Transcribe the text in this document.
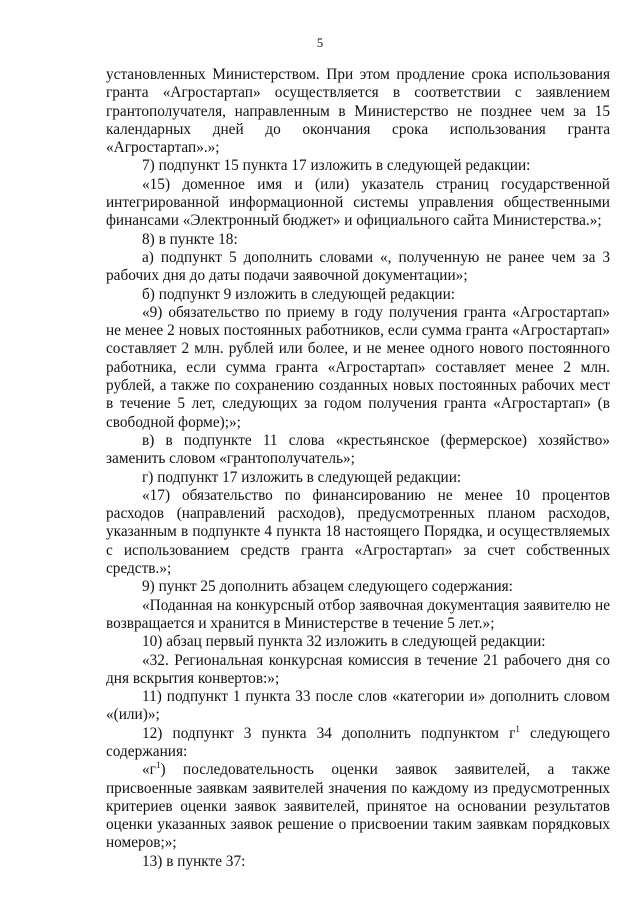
5

установленных Министерством. При этом продление срока использования гранта «Агростартап» осуществляется в соответствии с заявлением грантополучателя, направленным в Министерство не позднее чем за 15 календарных дней до окончания срока использования гранта «Агростартап».»;

7) подпункт 15 пункта 17 изложить в следующей редакции:

«15) доменное имя и (или) указатель страниц государственной интегрированной информационной системы управления общественными финансами «Электронный бюджет» и официального сайта Министерства.»;

8) в пункте 18:

а) подпункт 5 дополнить словами «, полученную не ранее чем за 3 рабочих дня до даты подачи заявочной документации»;

б) подпункт 9 изложить в следующей редакции:

«9) обязательство по приему в году получения гранта «Агростартап» не менее 2 новых постоянных работников, если сумма гранта «Агростартап» составляет 2 млн. рублей или более, и не менее одного нового постоянного работника, если сумма гранта «Агростартап» составляет менее 2 млн. рублей, а также по сохранению созданных новых постоянных рабочих мест в течение 5 лет, следующих за годом получения гранта «Агростартап» (в свободной форме);»;

в) в подпункте 11 слова «крестьянское (фермерское) хозяйство» заменить словом «грантополучатель»;

г) подпункт 17 изложить в следующей редакции:

«17) обязательство по финансированию не менее 10 процентов расходов (направлений расходов), предусмотренных планом расходов, указанным в подпункте 4 пункта 18 настоящего Порядка, и осуществляемых с использованием средств гранта «Агростартап» за счет собственных средств.»;

9) пункт 25 дополнить абзацем следующего содержания:

«Поданная на конкурсный отбор заявочная документация заявителю не возвращается и хранится в Министерстве в течение 5 лет.»;

10) абзац первый пункта 32 изложить в следующей редакции:

«32. Региональная конкурсная комиссия в течение 21 рабочего дня со дня вскрытия конвертов:»;

11) подпункт 1 пункта 33 после слов «категории и» дополнить словом «(или)»;

12) подпункт 3 пункта 34 дополнить подпунктом $г^1$ следующего содержания:

«$г^1$) последовательность оценки заявок заявителей, а также присвоенные заявкам заявителей значения по каждому из предусмотренных критериев оценки заявок заявителей, принятое на основании результатов оценки указанных заявок решение о присвоении таким заявкам порядковых номеров;»;

13) в пункте 37:
